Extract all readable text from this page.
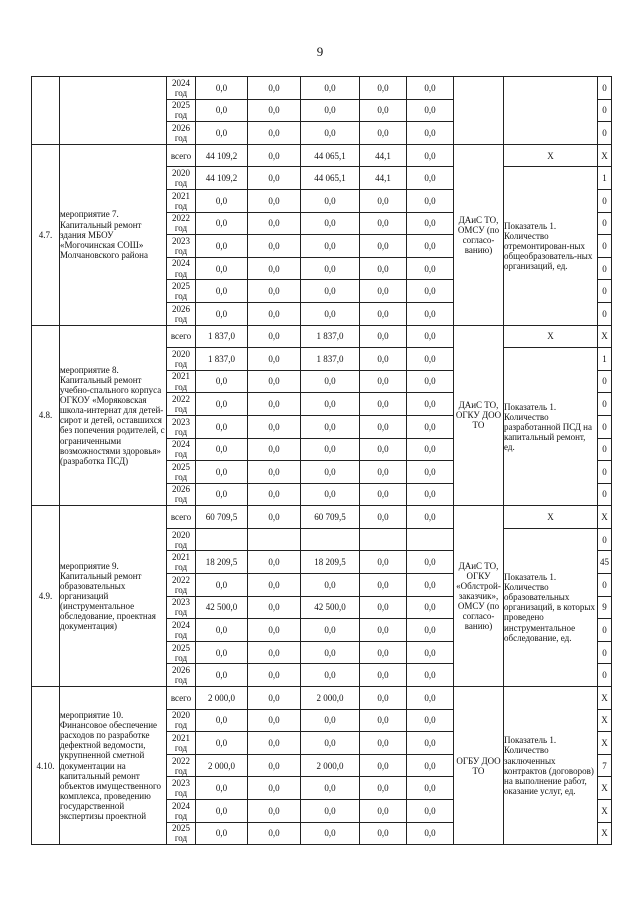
9
		2024 год	0,0	0,0	0,0	0,0	0,0			0
		2025 год	0,0	0,0	0,0	0,0	0,0			0
		2026 год	0,0	0,0	0,0	0,0	0,0			0
4.7.	мероприятие 7. Капитальный ремонт здания МБОУ «Могочинская СОШ» Молчановского района	всего	44 109,2	0,0	44 065,1	44,1	0,0	ДАиС ТО, ОМСУ (по согласо-ванию)	Х	Х
		2020 год	44 109,2	0,0	44 065,1	44,1	0,0		Показатель 1. Количество отремонтирован-ных общеобразователь-ных организаций, ед.	1
		2021 год	0,0	0,0	0,0	0,0	0,0			0
		2022 год	0,0	0,0	0,0	0,0	0,0			0
		2023 год	0,0	0,0	0,0	0,0	0,0			0
		2024 год	0,0	0,0	0,0	0,0	0,0			0
		2025 год	0,0	0,0	0,0	0,0	0,0			0
		2026 год	0,0	0,0	0,0	0,0	0,0			0
4.8.	мероприятие 8. Капитальный ремонт учебно-спального корпуса ОГКОУ «Моряковская школа-интернат для детей-сирот и детей, оставшихся без попечения родителей, с ограниченными возможностями здоровья» (разработка ПСД)	всего	1 837,0	0,0	1 837,0	0,0	0,0	ДАиС ТО, ОГКУ ДОО ТО	Х	Х
		2020 год	1 837,0	0,0	1 837,0	0,0	0,0		Показатель 1. Количество разработанной ПСД на капитальный ремонт, ед.	1
		2021 год	0,0	0,0	0,0	0,0	0,0			0
		2022 год	0,0	0,0	0,0	0,0	0,0			0
		2023 год	0,0	0,0	0,0	0,0	0,0			0
		2024 год	0,0	0,0	0,0	0,0	0,0			0
		2025 год	0,0	0,0	0,0	0,0	0,0			0
		2026 год	0,0	0,0	0,0	0,0	0,0			0
4.9.	мероприятие 9. Капитальный ремонт образовательных организаций (инструментальное обследование, проектная документация)	всего	60 709,5	0,0	60 709,5	0,0	0,0	ДАиС ТО, ОГКУ «Облстрой-заказчик», ОМСУ (по согласо-ванию)	Х	Х
		2020 год							Показатель 1. Количество образовательных организаций, в которых проведено инструментальное обследование, ед.	0
		2021 год	18 209,5	0,0	18 209,5	0,0	0,0			45
		2022 год	0,0	0,0	0,0	0,0	0,0			0
		2023 год	42 500,0	0,0	42 500,0	0,0	0,0			9
		2024 год	0,0	0,0	0,0	0,0	0,0			0
		2025 год	0,0	0,0	0,0	0,0	0,0			0
		2026 год	0,0	0,0	0,0	0,0	0,0			0
4.10.	мероприятие 10. Финансовое обеспечение расходов по разработке дефектной ведомости, укрупненной сметной документации на капитальный ремонт объектов имущественного комплекса, проведению государственной экспертизы проектной	всего	2 000,0	0,0	2 000,0	0,0	0,0	ОГБУ ДОО ТО	Показатель 1. Количество заключенных контрактов (договоров) на выполнение работ, оказание услуг, ед.	Х
		2020 год	0,0	0,0	0,0	0,0	0,0			Х
		2021 год	0,0	0,0	0,0	0,0	0,0			Х
		2022 год	2 000,0	0,0	2 000,0	0,0	0,0			7
		2023 год	0,0	0,0	0,0	0,0	0,0			Х
		2024 год	0,0	0,0	0,0	0,0	0,0			Х
		2025 год	0,0	0,0	0,0	0,0	0,0			Х
